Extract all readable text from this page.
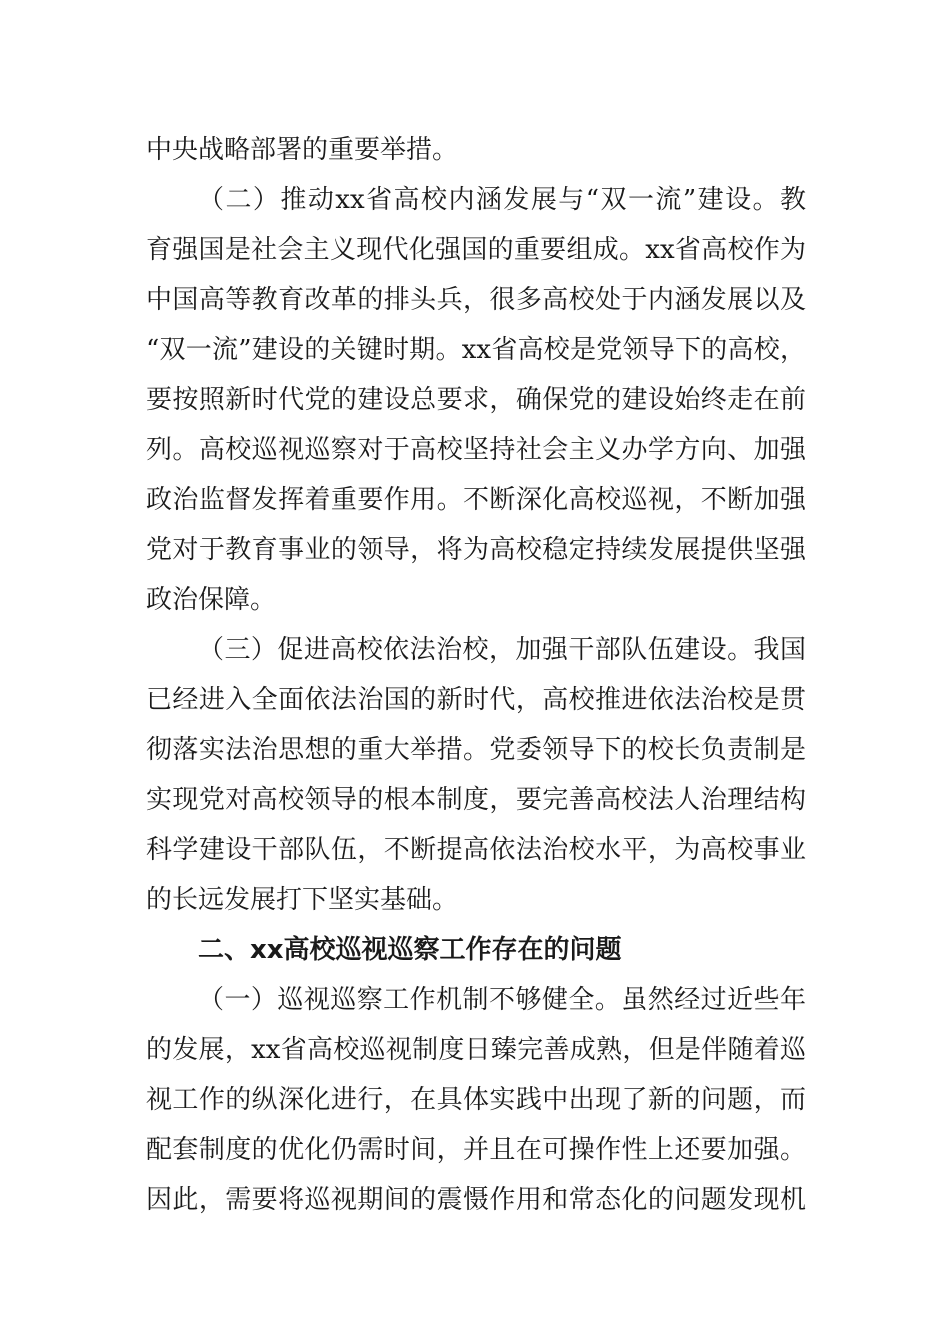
中央战略部署的重要举措。
（二）推动xx省高校内涵发展与“双一流”建设。教
育强国是社会主义现代化强国的重要组成。xx省高校作为
中国高等教育改革的排头兵，很多高校处于内涵发展以及
“双一流”建设的关键时期。xx省高校是党领导下的高校，
要按照新时代党的建设总要求，确保党的建设始终走在前
列。高校巡视巡察对于高校坚持社会主义办学方向、加强
政治监督发挥着重要作用。不断深化高校巡视，不断加强
党对于教育事业的领导，将为高校稳定持续发展提供坚强
政治保障。
（三）促进高校依法治校，加强干部队伍建设。我国
已经进入全面依法治国的新时代，高校推进依法治校是贯
彻落实法治思想的重大举措。党委领导下的校长负责制是
实现党对高校领导的根本制度，要完善高校法人治理结构
科学建设干部队伍，不断提高依法治校水平，为高校事业
的长远发展打下坚实基础。
二、xx高校巡视巡察工作存在的问题
（一）巡视巡察工作机制不够健全。虽然经过近些年
的发展，xx省高校巡视制度日臻完善成熟，但是伴随着巡
视工作的纵深化进行，在具体实践中出现了新的问题，而
配套制度的优化仍需时间，并且在可操作性上还要加强。
因此，需要将巡视期间的震慑作用和常态化的问题发现机
